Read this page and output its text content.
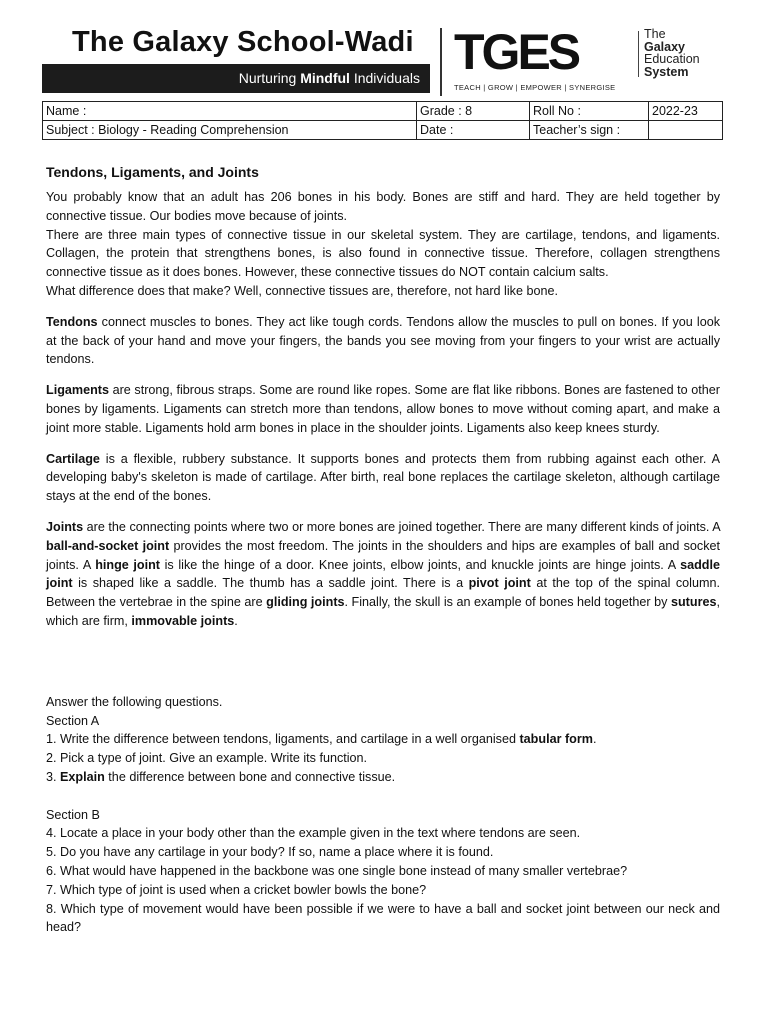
The Galaxy School-Wadi
Nurturing Mindful Individuals TGES
TEACH | GROW | EMPOWER | SYNERGISE
The
Galaxy
Education
System
Name :	Grade : 8	Roll No :	2022-23
Subject : Biology - Reading Comprehension	Date :	Teacher’s sign :	
Tendons, Ligaments, and Joints

You probably know that an adult has 206 bones in his body. Bones are stiff and hard. They are held together by connective tissue. Our bodies move because of joints.

There are three main types of connective tissue in our skeletal system. They are cartilage, tendons, and ligaments. Collagen, the protein that strengthens bones, is also found in connective tissue. Therefore, collagen strengthens connective tissue as it does bones. However, these connective tissues do NOT contain calcium salts.

What difference does that make? Well, connective tissues are, therefore, not hard like bone.

Tendons connect muscles to bones. They act like tough cords. Tendons allow the muscles to pull on bones. If you look at the back of your hand and move your fingers, the bands you see moving from your fingers to your wrist are actually tendons.

Ligaments are strong, fibrous straps. Some are round like ropes. Some are flat like ribbons. Bones are fastened to other bones by ligaments. Ligaments can stretch more than tendons, allow bones to move without coming apart, and make a joint more stable. Ligaments hold arm bones in place in the shoulder joints. Ligaments also keep knees sturdy.

Cartilage is a flexible, rubbery substance. It supports bones and protects them from rubbing against each other. A developing baby's skeleton is made of cartilage. After birth, real bone replaces the cartilage skeleton, although cartilage stays at the end of the bones.

Joints are the connecting points where two or more bones are joined together. There are many different kinds of joints. A ball-and-socket joint provides the most freedom. The joints in the shoulders and hips are examples of ball and socket joints. A hinge joint is like the hinge of a door. Knee joints, elbow joints, and knuckle joints are hinge joints. A saddle joint is shaped like a saddle. The thumb has a saddle joint. There is a pivot joint at the top of the spinal column. Between the vertebrae in the spine are gliding joints. Finally, the skull is an example of bones held together by sutures, which are firm, immovable joints.

Answer the following questions.
Section A
1. Write the difference between tendons, ligaments, and cartilage in a well organised tabular form.
2. Pick a type of joint. Give an example. Write its function.
3. Explain the difference between bone and connective tissue.
Section B
4. Locate a place in your body other than the example given in the text where tendons are seen.
5. Do you have any cartilage in your body? If so, name a place where it is found.
6. What would have happened in the backbone was one single bone instead of many smaller vertebrae?
7. Which type of joint is used when a cricket bowler bowls the bone?
8. Which type of movement would have been possible if we were to have a ball and socket joint between our neck and head?
